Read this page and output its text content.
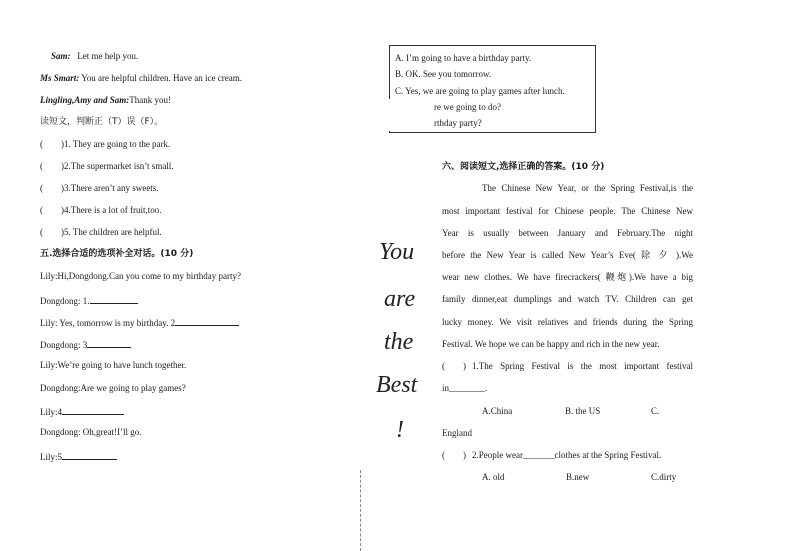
Sam: Let me help you.
Ms Smart: You are helpful children. Have an ice cream.
Lingling,Amy and Sam:Thank you!
读短文，判断正（T）误（F）。
(　　)1. They are going to the park.
(　　)2.The supermarket isn’t small.
(　　)3.There aren’t any sweets.
(　　)4.There is a lot of fruit,too.
(　　)5. The children are helpful.
五.选择合适的选项补全对话。(10 分)
Lily:Hi,Dongdong.Can you come to my birthday party?
Dongdong: 1.
Lily: Yes, tomorrow is my birthday. 2
Dongdong: 3
Lily:We’re going to have lunch together.
Dongdong:Are we going to play games?
Lily:4
Dongdong: Oh,great!I’ll go.
Lily:5
A. I’m going to have a birthday party.
B. OK. See you tomorrow.
C. Yes, we are going to play games after lunch.
re we going to do?
rthday party?
You
are
the
Best
!
六、阅读短文,选择正确的答案。(10 分)
The Chinese New Year, or the Spring Festival,is the
most important festival for Chinese people. The Chinese New
Year is usually between January and February.The night
before the New Year is called New Year’s Eve( 除 夕 ).We
wear new clothes. We have firecrackers( 鞭炮).We have a big
family dinner,eat dumplings and watch TV. Children can get
lucky money. We visit relatives and friends during the Spring
Festival. We hope we can be happy and rich in the new year.
(　　) 1.The Spring Festival is the most important festival
in________.
A.China	B. the US	C.
England
(　　) 2.People wear_______clothes at the Spring Festival.
A. old	B.new	C.dirty
